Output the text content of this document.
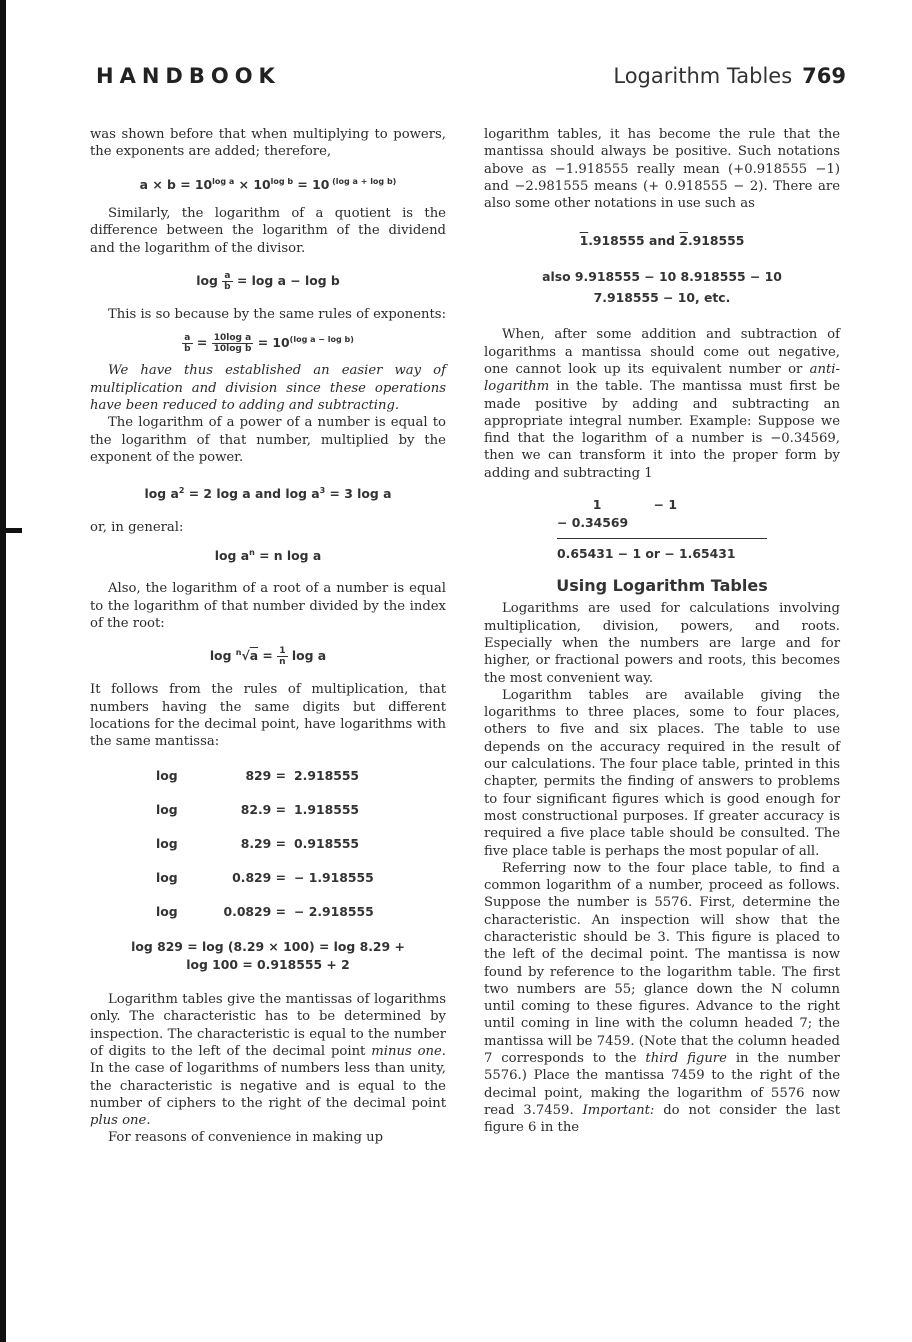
HANDBOOK	Logarithm Tables 769

was shown before that when multiplying to powers, the exponents are added; therefore,

$a \times b = 10^{log a} \times 10^{log b} = 10$ $^{(log a + log b)}$

Similarly, the logarithm of a quotient is the difference between the logarithm of the dividend and the logarithm of the divisor.

$\log \frac{a}{b} = \log a - \log b$

This is so because by the same rules of exponents:

$\frac{a}{b} = \frac{\text{10log a}}{\text{10log b}} = 10^{(log a - log b)}$

We have thus established an easier way of multiplication and division since these operations have been reduced to adding and subtracting.

The logarithm of a power of a number is equal to the logarithm of that number, multiplied by the exponent of the power.

$\log a^2 = 2$ log a and $\log a^3 = 3$ log a

or, in general:

$\log a^n = n$ log a

Also, the logarithm of a root of a number is equal to the logarithm of that number divided by the index of the root:

$\log ^n√a = \frac{1}{n}$ log a

It follows from the rules of multiplication, that numbers having the same digits but different locations for the decimal point, have logarithms with the same mantissa:

log	829 = 2.918555
log	82.9 = 1.918555
log	8.29 = 0.918555
log	0.829 = − 1.918555
log	0.0829 = − 2.918555
log 829 = log (8.29 × 100) = log 8.29 +
log 100 = 0.918555 + 2

Logarithm tables give the mantissas of logarithms only. The characteristic has to be determined by inspection. The characteristic is equal to the number of digits to the left of the decimal point minus one. In the case of logarithms of numbers less than unity, the characteristic is negative and is equal to the number of ciphers to the right of the decimal point plus one.

For reasons of convenience in making up

logarithm tables, it has become the rule that the mantissa should always be positive. Such notations above as −1.918555 really mean (+0.918555 −1) and −2.981555 means (+ 0.918555 − 2). There are also some other notations in use such as

1.918555 and 2.918555
also 9.918555 − 10 8.918555 − 10
7.918555 − 10, etc.

When, after some addition and subtraction of logarithms a mantissa should come out negative, one cannot look up its equivalent number or anti-logarithm in the table. The mantissa must first be made positive by adding and subtracting an appropriate integral number. Example: Suppose we find that the logarithm of a number is −0.34569, then we can transform it into the proper form by adding and subtracting 1

1	− 1
− 0.34569
0.65431 − 1 or − 1.65431
Using Logarithm Tables

Logarithms are used for calculations involving multiplication, division, powers, and roots. Especially when the numbers are large and for higher, or fractional powers and roots, this becomes the most convenient way.

Logarithm tables are available giving the logarithms to three places, some to four places, others to five and six places. The table to use depends on the accuracy required in the result of our calculations. The four place table, printed in this chapter, permits the finding of answers to problems to four significant figures which is good enough for most constructional purposes. If greater accuracy is required a five place table should be consulted. The five place table is perhaps the most popular of all.

Referring now to the four place table, to find a common logarithm of a number, proceed as follows. Suppose the number is 5576. First, determine the characteristic. An inspection will show that the characteristic should be 3. This figure is placed to the left of the decimal point. The mantissa is now found by reference to the logarithm table. The first two numbers are 55; glance down the N column until coming to these figures. Advance to the right until coming in line with the column headed 7; the mantissa will be 7459. (Note that the column headed 7 corresponds to the third figure in the number 5576.) Place the mantissa 7459 to the right of the decimal point, making the logarithm of 5576 now read 3.7459. Important: do not consider the last figure 6 in the
